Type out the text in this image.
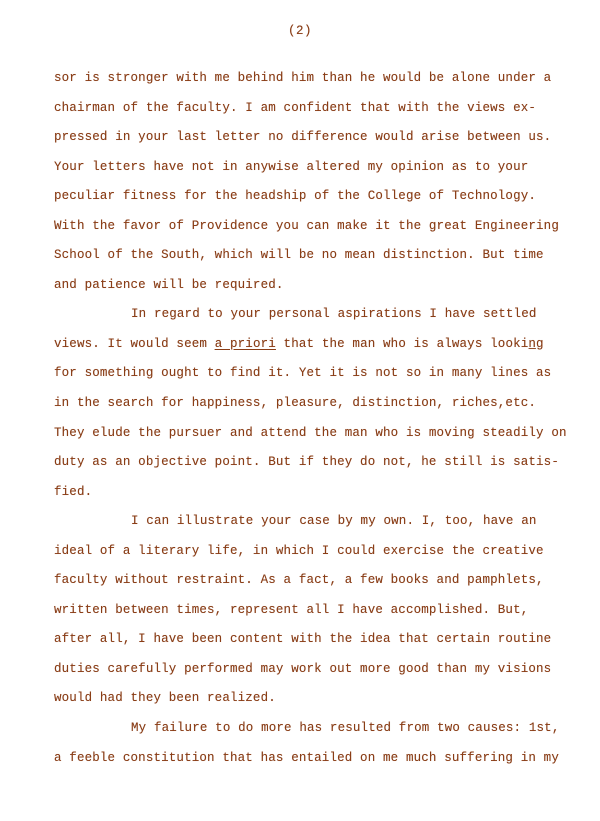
(2)
sor is stronger with me behind him than he would be alone under a
chairman of the faculty. I am confident that with the views ex-
pressed in your last letter no difference would arise between us.
Your letters have not in anywise altered my opinion as to your
peculiar fitness for the headship of the College of Technology.
With the favor of Providence you can make it the great Engineering
School of the South, which will be no mean distinction. But time
and patience will be required.
In regard to your personal aspirations I have settled
views. It would seem a priori that the man who is always lookin̲g
for something ought to find it. Yet it is not so in many lines as
in the search for happiness, pleasure, distinction, riches,etc.
They elude the pursuer and attend the man who is moving steadily on
duty as an objective point. But if they do not, he still is satis-
fied.
I can illustrate your case by my own. I, too, have an
ideal of a literary life, in which I could exercise the creative
faculty without restraint. As a fact, a few books and pamphlets,
written between times, represent all I have accomplished. But,
after all, I have been content with the idea that certain routine
duties carefully performed may work out more good than my visions
would had they been realized.
My failure to do more has resulted from two causes: 1st,
a feeble constitution that has entailed on me much suffering in my
